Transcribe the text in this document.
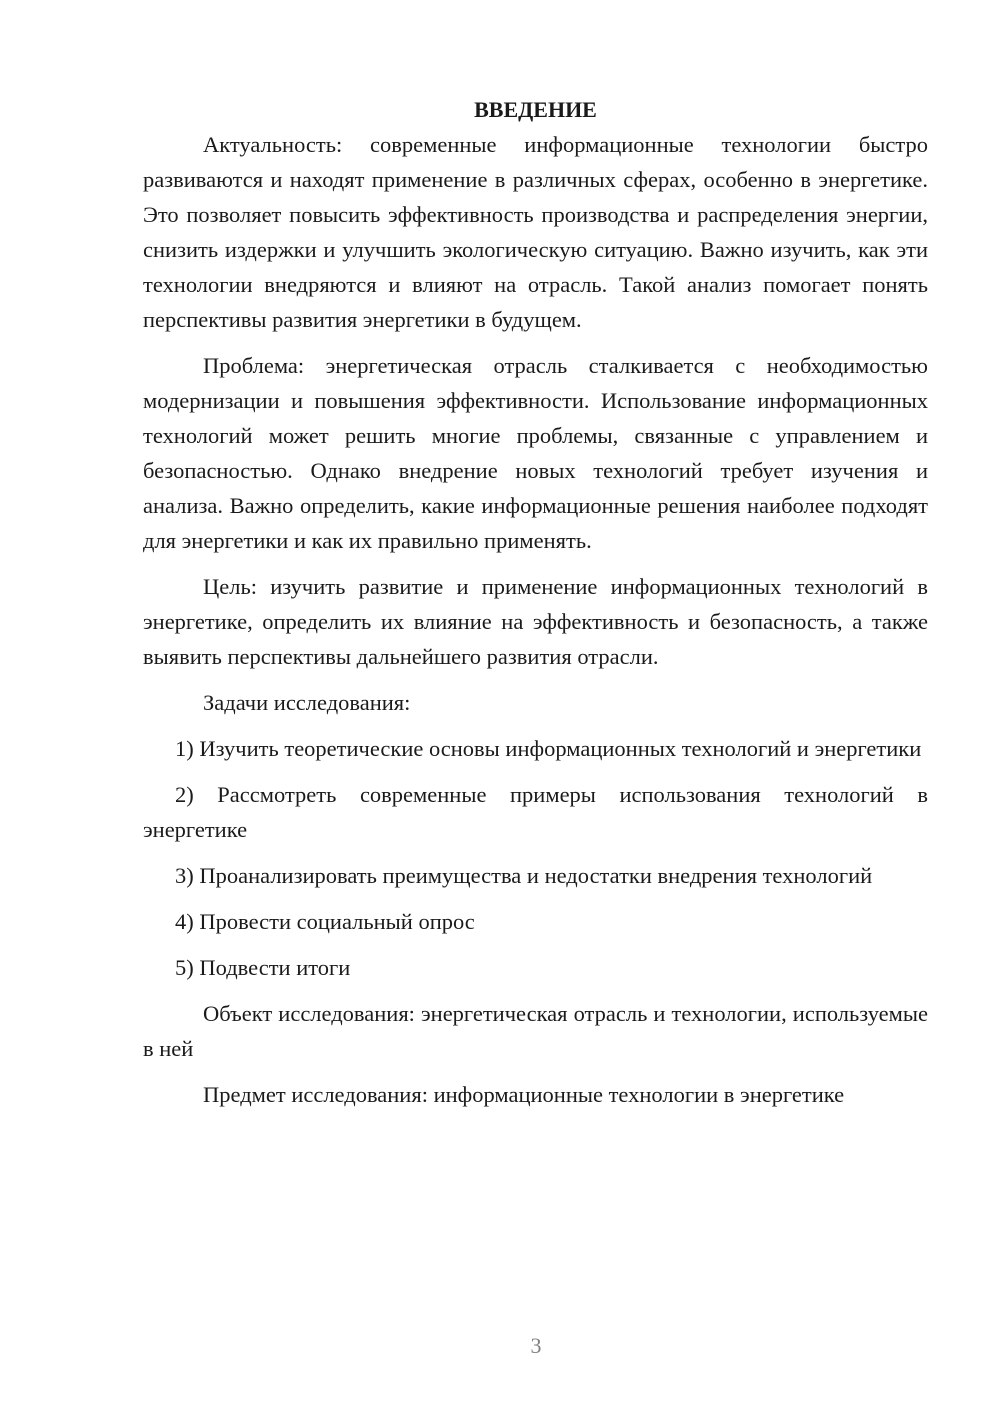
ВВЕДЕНИЕ

Актуальность: современные информационные технологии быстро развиваются и находят применение в различных сферах, особенно в энергетике. Это позволяет повысить эффективность производства и распределения энергии, снизить издержки и улучшить экологическую ситуацию. Важно изучить, как эти технологии внедряются и влияют на отрасль. Такой анализ помогает понять перспективы развития энергетики в будущем.

Проблема: энергетическая отрасль сталкивается с необходимостью модернизации и повышения эффективности. Использование информационных технологий может решить многие проблемы, связанные с управлением и безопасностью. Однако внедрение новых технологий требует изучения и анализа. Важно определить, какие информационные решения наиболее подходят для энергетики и как их правильно применять.

Цель: изучить развитие и применение информационных технологий в энергетике, определить их влияние на эффективность и безопасность, а также выявить перспективы дальнейшего развития отрасли.

Задачи исследования:

1) Изучить теоретические основы информационных технологий и энергетики

2) Рассмотреть современные примеры использования технологий в энергетике

3) Проанализировать преимущества и недостатки внедрения технологий

4) Провести социальный опрос

5) Подвести итоги

Объект исследования: энергетическая отрасль и технологии, используемые в ней

Предмет исследования: информационные технологии в энергетике

3
